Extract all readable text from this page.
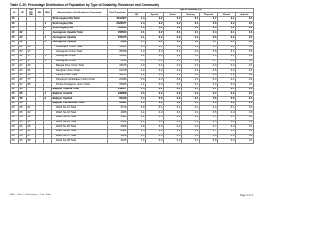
Table C-20: Percentage Distribution of Population by Type of Disability, Residence and Community
ZL	UP	UN/ MZ/ WA	MH	RMO	Administrative Unit Residence Community	Total Population	Type of Disability (%)						
							All	Speech	Vision	Hearing	Physical	Mental	Autistic
40					Kishoreganj Zila Total	2911907	1.4	0.2	0.2	0.1	0.7	0.1	0.1
40				1	Kishoreganj Zila	2428977	1.4	0.2	0.2	0.1	0.6	0.2	0.1
40				2	Kishoreganj Zila	482930	1.4	0.2	0.2	0.1	0.6	0.2	0.1
40	02				Austagram Upazila Total	158523	1.1	0.2	0.1	0.1	0.4	0.1	0.1
40	02			1	Austagram Upazila	155125	1.1	0.2	0.2	0.1	0.5	0.2	0.1
40	02			2	Austagram Upazila	3398	1.5	0.2	0.2	0.1	0.7	0.1	0.1
40	02	13			Abdullapur Union Total	18461	1.0	0.1	0.1	0.1	0.4	0.2	0.1
40	02	17			Austagram Union Total	20299	1.2	0.3	0.1	0.1	0.5	0.1	0.1
40	02	17		1	Austagram Union	16901	1.2	0.2	0.2	0.1	0.6	0.1	0.1
40	02	17		2	Austagram Union	3398	1.5	0.2	0.2	0.1	0.7	0.1	0.1
40	02	34			Bangal Para Union Total	19674	1.0	0.1	0.2	0.1	0.4	0.2	0.1
40	02	51			Deoghar Union Total	21218	1.2	0.2	0.2	0.1	0.5	0.2	0.1
40	02	60			Kalma Union Total	18250	1.2	0.2	0.1	0.1	0.6	0.2	0.1
40	02	77			Khayerpur Abdullapur Union Total	21036	0.9	0.2	0.1	0.1	0.3	0.1	0.1
40	02	86			Purba Austagram Union Total	19625	1.1	0.2	0.1	0.1	0.4	0.2	0.1
40	06				Bajitpur Upazila Total	249917	1.5	0.2	0.2	0.1	0.7	0.1	0.1
40	06			1	Bajitpur Upazila	198998	1.5	0.2	0.2	0.1	0.7	0.2	0.1
40	06			2	Bajitpur Upazila	50919	1.4	0.2	0.2	0.1	0.6	0.2	0.1
40	06				Bajitpur Paurashava Total	34963	1.4	0.2	0.2	0.1	0.6	0.2	0.1
40	06	01			Ward No-01 Total	3710	0.9	0.1	0.1	0.1	0.4	0.1	0.1
40	06	02			Ward No-02 Total	2935	1.1	0.2	0.1	0.1	0.5	0.2	0.0
40	06	03			Ward No-03 Total	3426	1.2	0.3	0.2	0.1	0.4	0.1	0.1
40	06	04			Ward No-04 Total	4612	1.3	0.2	0.2	0.1	0.5	0.1	0.1
40	06	05			Ward No-05 Total	3205	1.6	0.3	0.2	0.1	0.7	0.2	0.1
40	06	06			Ward No-06 Total	4402	1.5	0.2	0.2	0.1	0.7	0.2	0.1
40	06	07			Ward No-07 Total	3328	2.0	0.3	0.3	0.2	0.9	0.2	0.1
40	06	08			Ward No-08 Total	4025	1.6	0.2	0.2	0.1	0.8	0.2	0.1
BBS — Zila: C: Kishoreganj — Part: Table	Page 1 of 3
